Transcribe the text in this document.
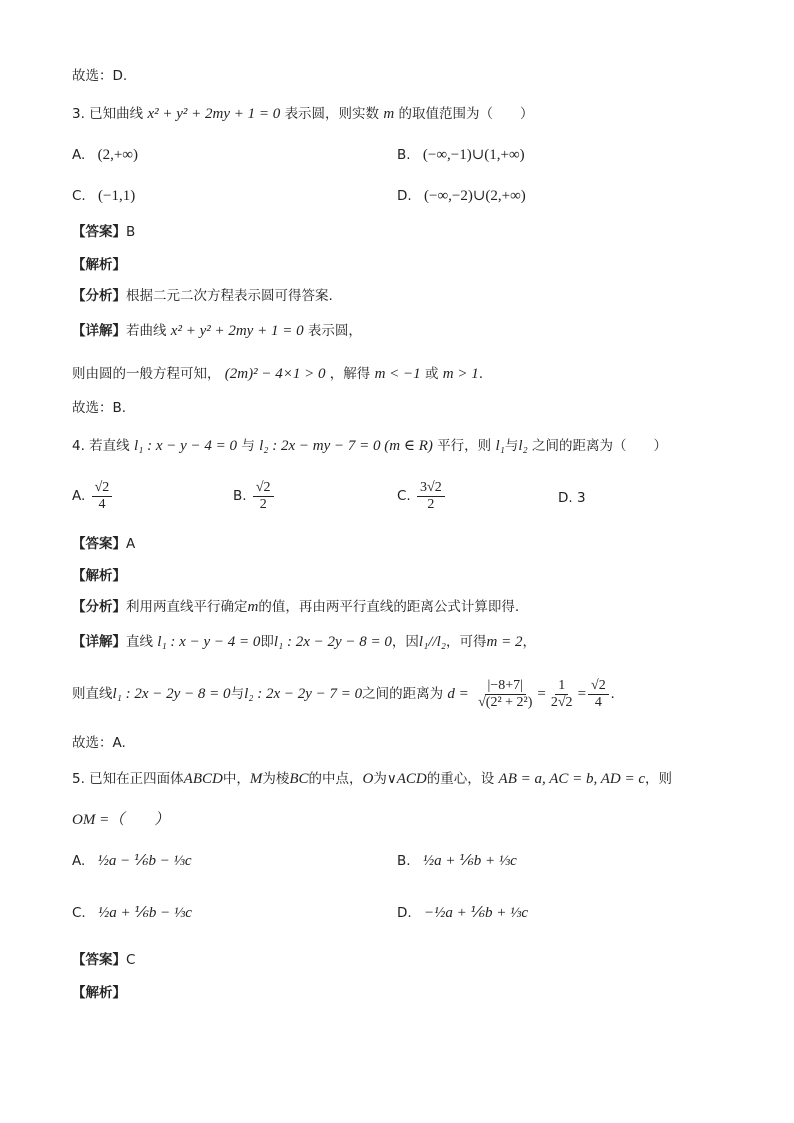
故选：D.
3. 已知曲线 x² + y² + 2my + 1 = 0 表示圆，则实数 m 的取值范围为（　　）
A. (2,+∞)	B. (−∞,−1)∪(1,+∞)
C. (−1,1)	D. (−∞,−2)∪(2,+∞)
【答案】B
【解析】
【分析】根据二元二次方程表示圆可得答案.
【详解】若曲线 x² + y² + 2my + 1 = 0 表示圆，
则由圆的一般方程可知， (2m)² − 4×1 > 0 ，解得 m < −1 或 m > 1.
故选：B.
4. 若直线 l₁ : x − y − 4 = 0 与 l₂ : 2x − my − 7 = 0 (m ∈ R) 平行，则 l₁与l₂ 之间的距离为（　　）
A. $\frac{√2}{4}$	B. $\frac{√2}{2}$	C. $\frac{3√2}{2}$	D. 3
【答案】A
【解析】
【分析】利用两直线平行确定m的值，再由两平行直线的距离公式计算即得.
【详解】直线 l₁ : x − y − 4 = 0即l₁ : 2x − 2y − 8 = 0，因l₁//l₂，可得m = 2，
则直线l₁ : 2x − 2y − 8 = 0与l₂ : 2x − 2y − 7 = 0之间的距离为 $d = \frac{|-8+7|}{\text{√(2² + 2²)}} = \frac{1}{2√2} = \frac{√2}{4}$ .
故选：A.
5. 已知在正四面体ABCD中，M为棱BC的中点，O为∨ACD的重心，设 AB = a, AC = b, AD = c，则
OM =（　　）
A. ½a − ⅙b − ⅓c	B. ½a + ⅙b + ⅓c
C. ½a + ⅙b − ⅓c	D. −½a + ⅙b + ⅓c
【答案】C
【解析】
